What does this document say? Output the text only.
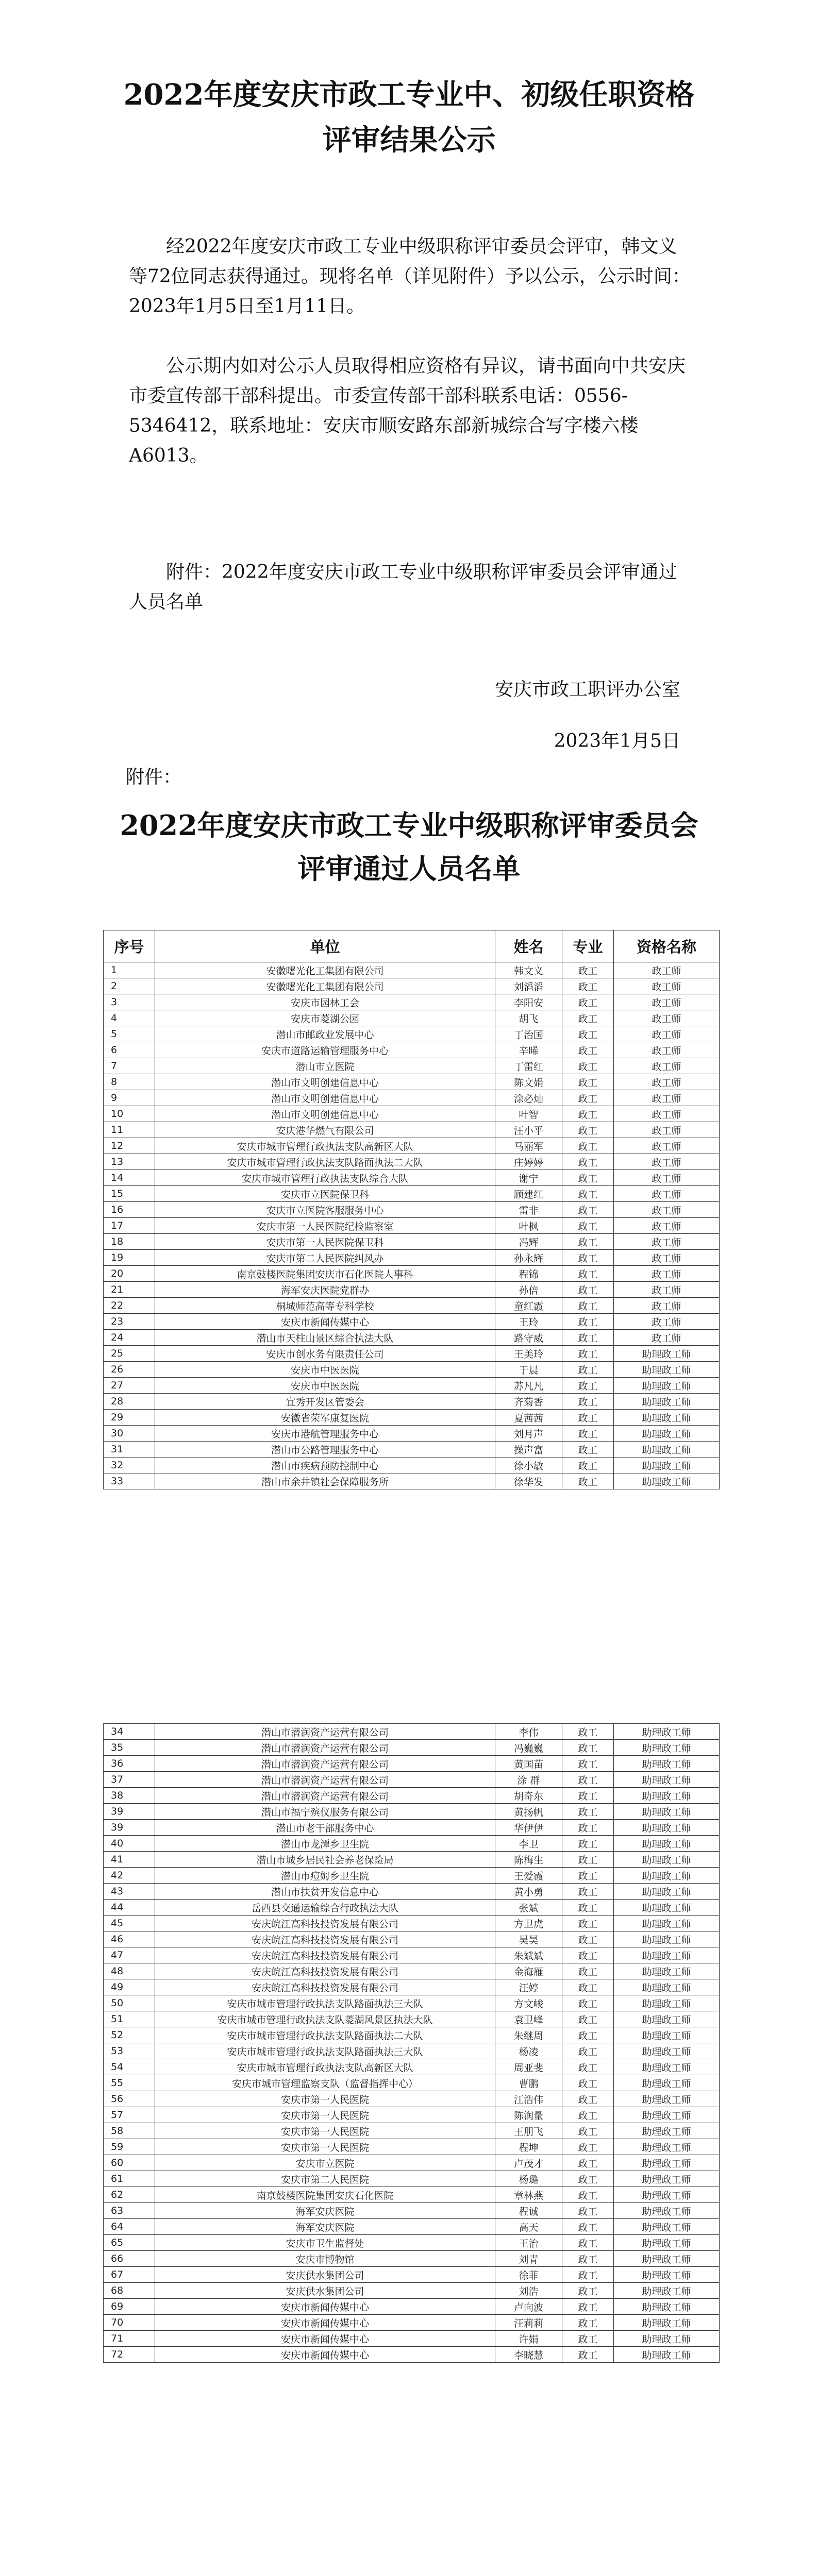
2022年度安庆市政工专业中、初级任职资格
评审结果公示

经2022年度安庆市政工专业中级职称评审委员会评审，韩文义等72位同志获得通过。现将名单（详见附件）予以公示，公示时间：2023年1月5日至1月11日。

公示期内如对公示人员取得相应资格有异议，请书面向中共安庆市委宣传部干部科提出。市委宣传部干部科联系电话：0556-5346412，联系地址：安庆市顺安路东部新城综合写字楼六楼A6013。

附件：2022年度安庆市政工专业中级职称评审委员会评审通过人员名单

安庆市政工职评办公室
2023年1月5日
附件：
2022年度安庆市政工专业中级职称评审委员会
评审通过人员名单
序号	单位	姓名	专业	资格名称
1	安徽曙光化工集团有限公司	韩文义	政工	政工师
2	安徽曙光化工集团有限公司	刘滔滔	政工	政工师
3	安庆市园林工会	李阳安	政工	政工师
4	安庆市菱湖公园	胡飞	政工	政工师
5	潜山市邮政业发展中心	丁治国	政工	政工师
6	安庆市道路运输管理服务中心	辛晞	政工	政工师
7	潜山市立医院	丁雷红	政工	政工师
8	潜山市文明创建信息中心	陈文娟	政工	政工师
9	潜山市文明创建信息中心	涂必灿	政工	政工师
10	潜山市文明创建信息中心	叶智	政工	政工师
11	安庆港华燃气有限公司	汪小平	政工	政工师
12	安庆市城市管理行政执法支队高新区大队	马丽军	政工	政工师
13	安庆市城市管理行政执法支队路面执法二大队	庄婷婷	政工	政工师
14	安庆市城市管理行政执法支队综合大队	谢宁	政工	政工师
15	安庆市立医院保卫科	顾建红	政工	政工师
16	安庆市立医院客服服务中心	雷非	政工	政工师
17	安庆市第一人民医院纪检监察室	叶枫	政工	政工师
18	安庆市第一人民医院保卫科	冯辉	政工	政工师
19	安庆市第二人民医院纠风办	孙永辉	政工	政工师
20	南京鼓楼医院集团安庆市石化医院人事科	程锦	政工	政工师
21	海军安庆医院党群办	孙倍	政工	政工师
22	桐城师范高等专科学校	童红霞	政工	政工师
23	安庆市新闻传媒中心	王玲	政工	政工师
24	潜山市天柱山景区综合执法大队	路守威	政工	政工师
25	安庆市创水务有限责任公司	王美玲	政工	助理政工师
26	安庆市中医医院	于晨	政工	助理政工师
27	安庆市中医医院	苏凡凡	政工	助理政工师
28	宜秀开发区管委会	齐菊香	政工	助理政工师
29	安徽省荣军康复医院	夏茜茜	政工	助理政工师
30	安庆市港航管理服务中心	刘月声	政工	助理政工师
31	潜山市公路管理服务中心	操声富	政工	助理政工师
32	潜山市疾病预防控制中心	徐小敏	政工	助理政工师
33	潜山市余井镇社会保障服务所	徐华发	政工	助理政工师
34	潜山市潜润资产运营有限公司	李伟	政工	助理政工师
35	潜山市潜润资产运营有限公司	冯巍巍	政工	助理政工师
36	潜山市潜润资产运营有限公司	黄国苗	政工	助理政工师
37	潜山市潜润资产运营有限公司	涂 群	政工	助理政工师
38	潜山市潜润资产运营有限公司	胡奇东	政工	助理政工师
39	潜山市福宁殡仪服务有限公司	黄扬帆	政工	助理政工师
39	潜山市老干部服务中心	华伊伊	政工	助理政工师
40	潜山市龙潭乡卫生院	李卫	政工	助理政工师
41	潜山市城乡居民社会养老保险局	陈梅生	政工	助理政工师
42	潜山市痘姆乡卫生院	王爱霞	政工	助理政工师
43	潜山市扶贫开发信息中心	黄小勇	政工	助理政工师
44	岳西县交通运输综合行政执法大队	张斌	政工	助理政工师
45	安庆皖江高科技投资发展有限公司	方卫虎	政工	助理政工师
46	安庆皖江高科技投资发展有限公司	吴昊	政工	助理政工师
47	安庆皖江高科技投资发展有限公司	朱斌斌	政工	助理政工师
48	安庆皖江高科技投资发展有限公司	金海雁	政工	助理政工师
49	安庆皖江高科技投资发展有限公司	汪婷	政工	助理政工师
50	安庆市城市管理行政执法支队路面执法三大队	方文峻	政工	助理政工师
51	安庆市城市管理行政执法支队菱湖风景区执法大队	袁卫峰	政工	助理政工师
52	安庆市城市管理行政执法支队路面执法二大队	朱继周	政工	助理政工师
53	安庆市城市管理行政执法支队路面执法三大队	杨凌	政工	助理政工师
54	安庆市城市管理行政执法支队高新区大队	周亚斐	政工	助理政工师
55	安庆市城市管理监察支队（监督指挥中心）	曹鹏	政工	助理政工师
56	安庆市第一人民医院	江浩伟	政工	助理政工师
57	安庆市第一人民医院	陈润量	政工	助理政工师
58	安庆市第一人民医院	王朋飞	政工	助理政工师
59	安庆市第一人民医院	程坤	政工	助理政工师
60	安庆市立医院	卢茂才	政工	助理政工师
61	安庆市第二人民医院	杨璐	政工	助理政工师
62	南京鼓楼医院集团安庆石化医院	章林燕	政工	助理政工师
63	海军安庆医院	程诚	政工	助理政工师
64	海军安庆医院	高天	政工	助理政工师
65	安庆市卫生监督处	王治	政工	助理政工师
66	安庆市博物馆	刘青	政工	助理政工师
67	安庆供水集团公司	徐菲	政工	助理政工师
68	安庆供水集团公司	刘浩	政工	助理政工师
69	安庆市新闻传媒中心	卢向波	政工	助理政工师
70	安庆市新闻传媒中心	汪莉莉	政工	助理政工师
71	安庆市新闻传媒中心	许娟	政工	助理政工师
72	安庆市新闻传媒中心	李晓慧	政工	助理政工师
